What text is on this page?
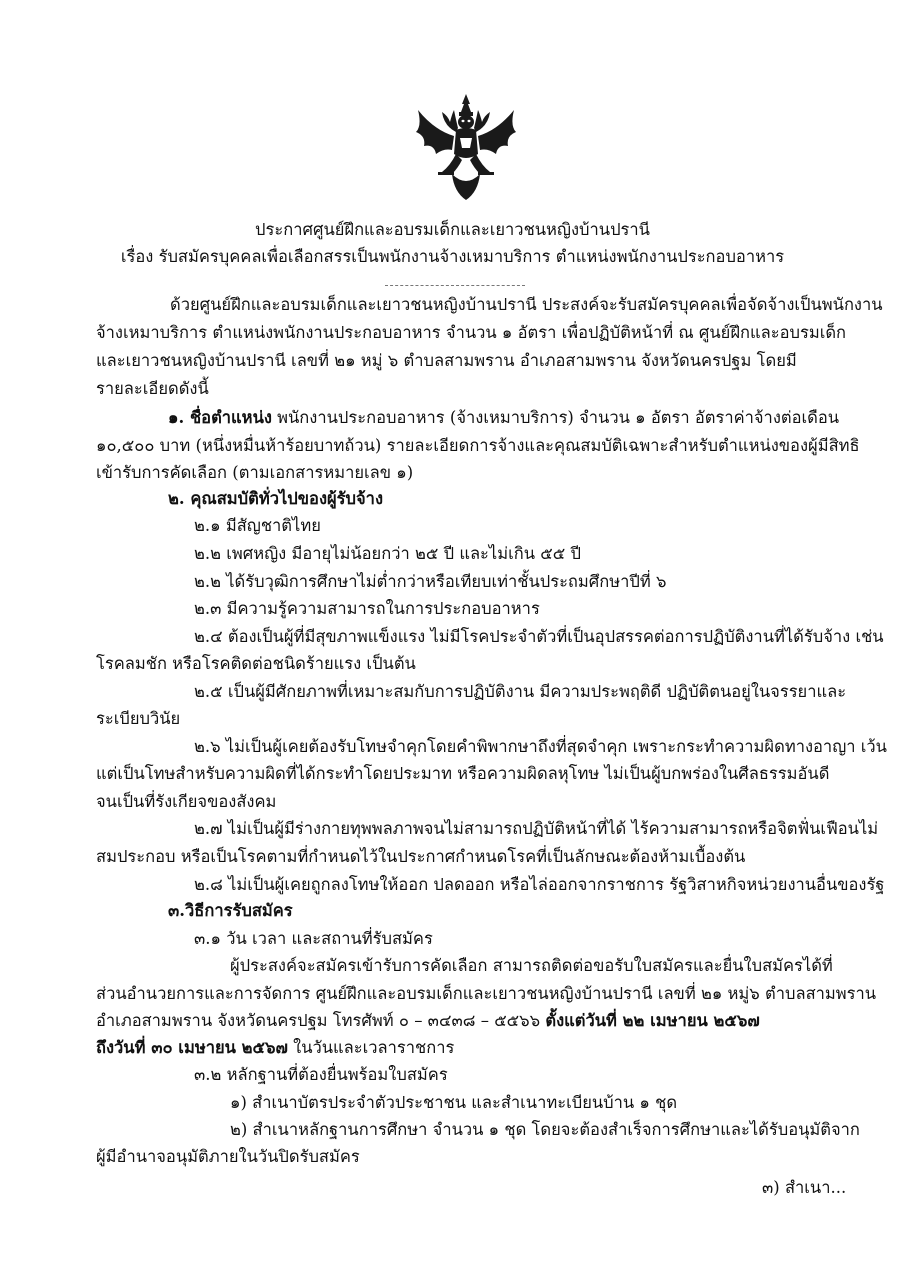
ประกาศศูนย์ฝึกและอบรมเด็กและเยาวชนหญิงบ้านปรานี
เรื่อง รับสมัครบุคคลเพื่อเลือกสรรเป็นพนักงานจ้างเหมาบริการ ตำแหน่งพนักงานประกอบอาหาร
ด้วยศูนย์ฝึกและอบรมเด็กและเยาวชนหญิงบ้านปรานี ประสงค์จะรับสมัครบุคคลเพื่อจัดจ้างเป็นพนักงาน
จ้างเหมาบริการ ตำแหน่งพนักงานประกอบอาหาร จำนวน ๑ อัตรา เพื่อปฏิบัติหน้าที่ ณ ศูนย์ฝึกและอบรมเด็ก
และเยาวชนหญิงบ้านปรานี เลขที่ ๒๑ หมู่ ๖ ตำบลสามพราน อำเภอสามพราน จังหวัดนครปฐม โดยมี
รายละเอียดดังนี้
๑. ชื่อตำแหน่ง พนักงานประกอบอาหาร (จ้างเหมาบริการ) จำนวน ๑ อัตรา อัตราค่าจ้างต่อเดือน
๑๐,๕๐๐ บาท (หนึ่งหมื่นห้าร้อยบาทถ้วน) รายละเอียดการจ้างและคุณสมบัติเฉพาะสำหรับตำแหน่งของผู้มีสิทธิ
เข้ารับการคัดเลือก (ตามเอกสารหมายเลข ๑)
๒. คุณสมบัติทั่วไปของผู้รับจ้าง
๒.๑ มีสัญชาติไทย
๒.๒ เพศหญิง มีอายุไม่น้อยกว่า ๒๕ ปี และไม่เกิน ๕๕ ปี
๒.๒ ได้รับวุฒิการศึกษาไม่ต่ำกว่าหรือเทียบเท่าชั้นประถมศึกษาปีที่ ๖
๒.๓ มีความรู้ความสามารถในการประกอบอาหาร
๒.๔ ต้องเป็นผู้ที่มีสุขภาพแข็งแรง ไม่มีโรคประจำตัวที่เป็นอุปสรรคต่อการปฏิบัติงานที่ได้รับจ้าง เช่น
โรคลมชัก หรือโรคติดต่อชนิดร้ายแรง เป็นต้น
๒.๕ เป็นผู้มีศักยภาพที่เหมาะสมกับการปฏิบัติงาน มีความประพฤติดี ปฏิบัติตนอยู่ในจรรยาและ
ระเบียบวินัย
๒.๖ ไม่เป็นผู้เคยต้องรับโทษจำคุกโดยคำพิพากษาถึงที่สุดจำคุก เพราะกระทำความผิดทางอาญา เว้น
แต่เป็นโทษสำหรับความผิดที่ได้กระทำโดยประมาท หรือความผิดลหุโทษ ไม่เป็นผู้บกพร่องในศีลธรรมอันดี
จนเป็นที่รังเกียจของสังคม
๒.๗ ไม่เป็นผู้มีร่างกายทุพพลภาพจนไม่สามารถปฏิบัติหน้าที่ได้ ไร้ความสามารถหรือจิตฟั่นเฟือนไม่
สมประกอบ หรือเป็นโรคตามที่กำหนดไว้ในประกาศกำหนดโรคที่เป็นลักษณะต้องห้ามเบื้องต้น
๒.๘ ไม่เป็นผู้เคยถูกลงโทษให้ออก ปลดออก หรือไล่ออกจากราชการ รัฐวิสาหกิจหน่วยงานอื่นของรัฐ
๓.วิธีการรับสมัคร
๓.๑ วัน เวลา และสถานที่รับสมัคร
ผู้ประสงค์จะสมัครเข้ารับการคัดเลือก สามารถติดต่อขอรับใบสมัครและยื่นใบสมัครได้ที่
ส่วนอำนวยการและการจัดการ ศูนย์ฝึกและอบรมเด็กและเยาวชนหญิงบ้านปรานี เลขที่ ๒๑ หมู่๖ ตำบลสามพราน
อำเภอสามพราน จังหวัดนครปฐม โทรศัพท์ ๐ – ๓๔๓๘ – ๕๕๖๖ ตั้งแต่วันที่ ๒๒ เมษายน ๒๕๖๗
ถึงวันที่ ๓๐ เมษายน ๒๕๖๗ ในวันและเวลาราชการ
๓.๒ หลักฐานที่ต้องยื่นพร้อมใบสมัคร
๑) สำเนาบัตรประจำตัวประชาชน และสำเนาทะเบียนบ้าน ๑ ชุด
๒) สำเนาหลักฐานการศึกษา จำนวน ๑ ชุด โดยจะต้องสำเร็จการศึกษาและได้รับอนุมัติจาก
ผู้มีอำนาจอนุมัติภายในวันปิดรับสมัคร
๓) สำเนา...
